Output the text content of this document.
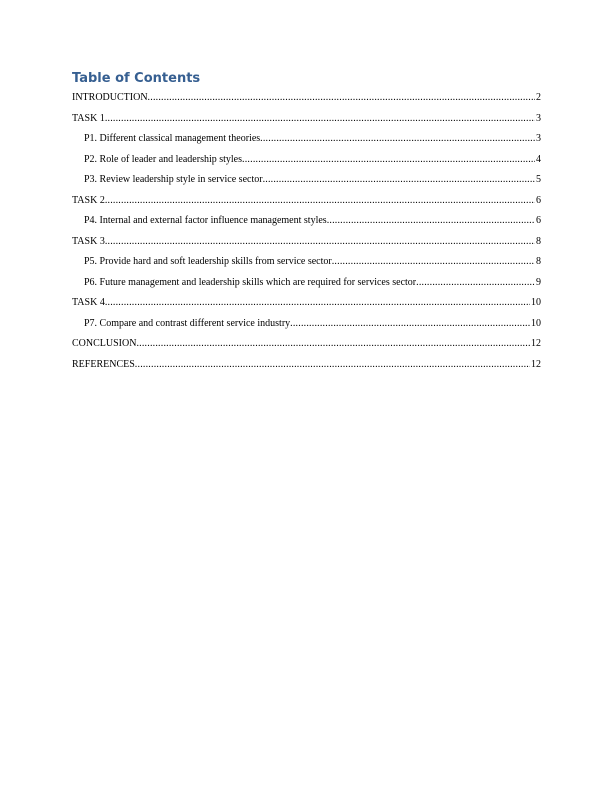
Table of Contents
INTRODUCTION .....	2
TASK 1 .....	3
P1. Different classical management theories .....	3
P2. Role of leader and leadership styles .....	4
P3. Review leadership style in service sector .....	5
TASK 2 .....	6
P4. Internal and external factor influence management styles .....	6
TASK 3 .....	8
P5. Provide hard and soft leadership skills from service sector .....	8
P6. Future management and leadership skills which are required for services sector .....	9
TASK 4 .....	10
P7. Compare and contrast different service industry .....	10
CONCLUSION .....	12
REFERENCES .....	12
